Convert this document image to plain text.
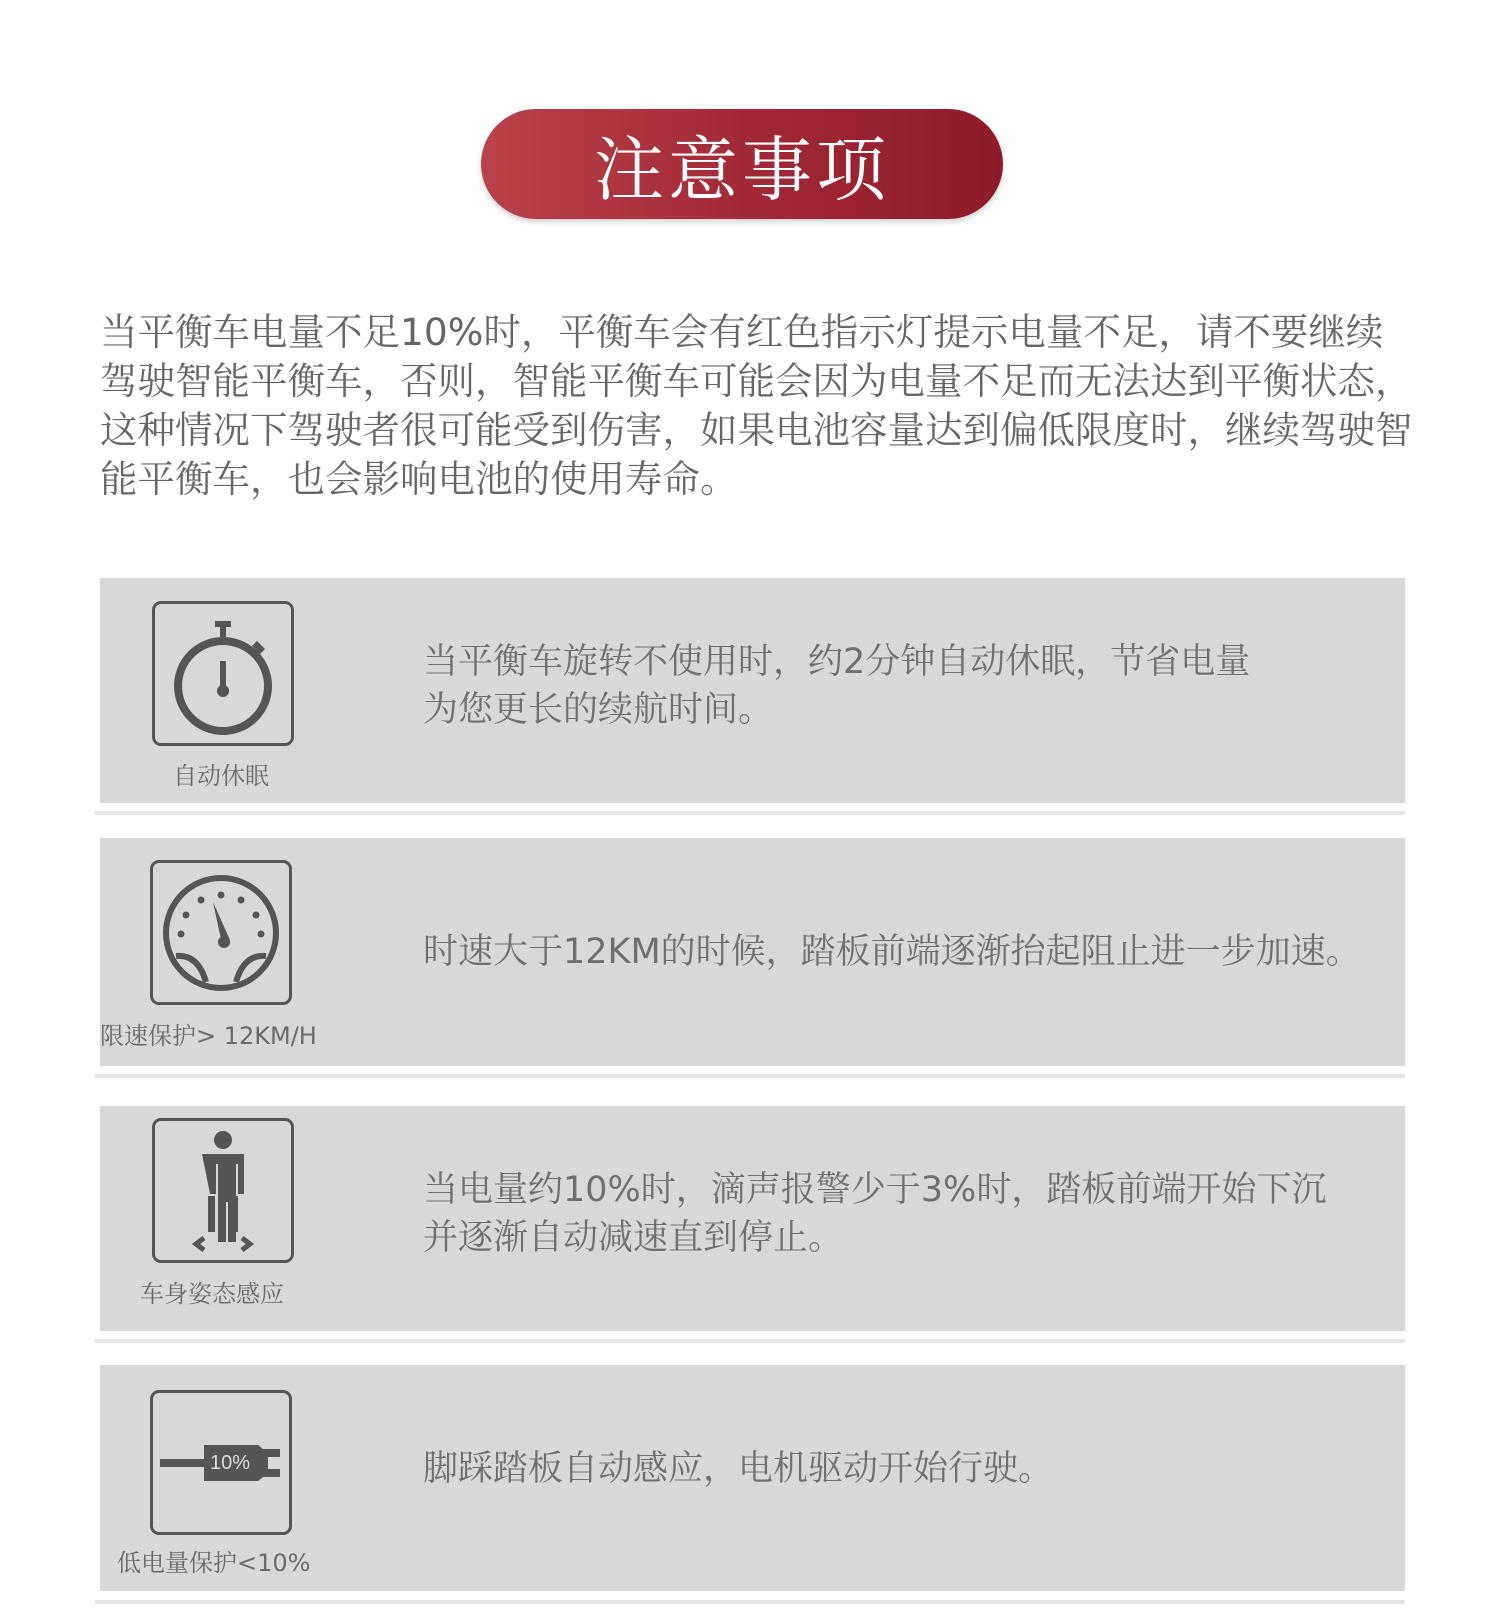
注意事项

当平衡车电量不足10%时，平衡车会有红色指示灯提示电量不足，请不要继续驾驶智能平衡车，否则，智能平衡车可能会因为电量不足而无法达到平衡状态，这种情况下驾驶者很可能受到伤害，如果电池容量达到偏低限度时，继续驾驶智能平衡车，也会影响电池的使用寿命。

自动休眠

当平衡车旋转不使用时，约2分钟自动休眠，节省电量
为您更长的续航时间。

限速保护> 12KM/H

时速大于12KM的时候，踏板前端逐渐抬起阻止进一步加速。

车身姿态感应

当电量约10%时，滴声报警少于3%时，踏板前端开始下沉
并逐渐自动减速直到停止。

10%
低电量保护<10%

脚踩踏板自动感应，电机驱动开始行驶。
